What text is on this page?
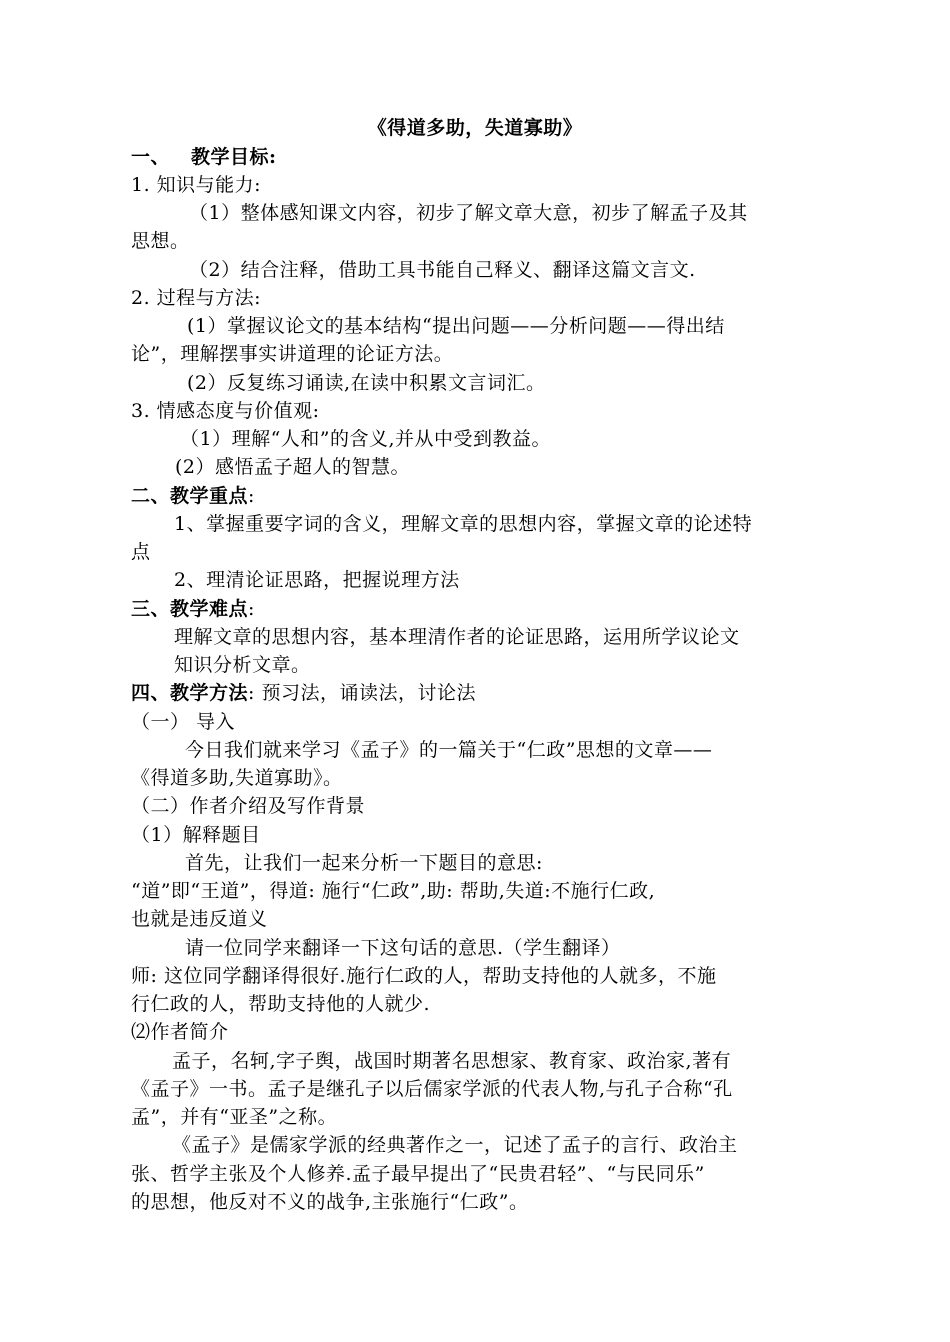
《得道多助，失道寡助》
一、 教学目标:
1. 知识与能力:
（1）整体感知课文内容，初步了解文章大意，初步了解孟子及其
思想。
（2）结合注释，借助工具书能自己释义、翻译这篇文言文.
2. 过程与方法:
(1）掌握议论文的基本结构“提出问题——分析问题——得出结
论”，理解摆事实讲道理的论证方法。
(2）反复练习诵读,在读中积累文言词汇。
3. 情感态度与价值观:
（1）理解“人和”的含义,并从中受到教益。
(2）感悟孟子超人的智慧。
二、教学重点:
1、掌握重要字词的含义，理解文章的思想内容，掌握文章的论述特
点
2、理清论证思路，把握说理方法
三、教学难点:
理解文章的思想内容，基本理清作者的论证思路，运用所学议论文
知识分析文章。
四、教学方法: 预习法，诵读法，讨论法
（一） 导入
今日我们就来学习《孟子》的一篇关于“仁政”思想的文章——
《得道多助,失道寡助》。
（二）作者介绍及写作背景
（1）解释题目
首先，让我们一起来分析一下题目的意思:
“道”即“王道”，得道: 施行“仁政”,助: 帮助,失道:不施行仁政,
也就是违反道义
请一位同学来翻译一下这句话的意思.（学生翻译）
师: 这位同学翻译得很好.施行仁政的人，帮助支持他的人就多，不施
行仁政的人，帮助支持他的人就少.
⑵作者简介
孟子，名轲,字子舆，战国时期著名思想家、教育家、政治家,著有
《孟子》一书。孟子是继孔子以后儒家学派的代表人物,与孔子合称“孔
孟”，并有“亚圣”之称。
《孟子》是儒家学派的经典著作之一，记述了孟子的言行、政治主
张、哲学主张及个人修养.孟子最早提出了“民贵君轻”、“与民同乐”
的思想，他反对不义的战争,主张施行“仁政”。
